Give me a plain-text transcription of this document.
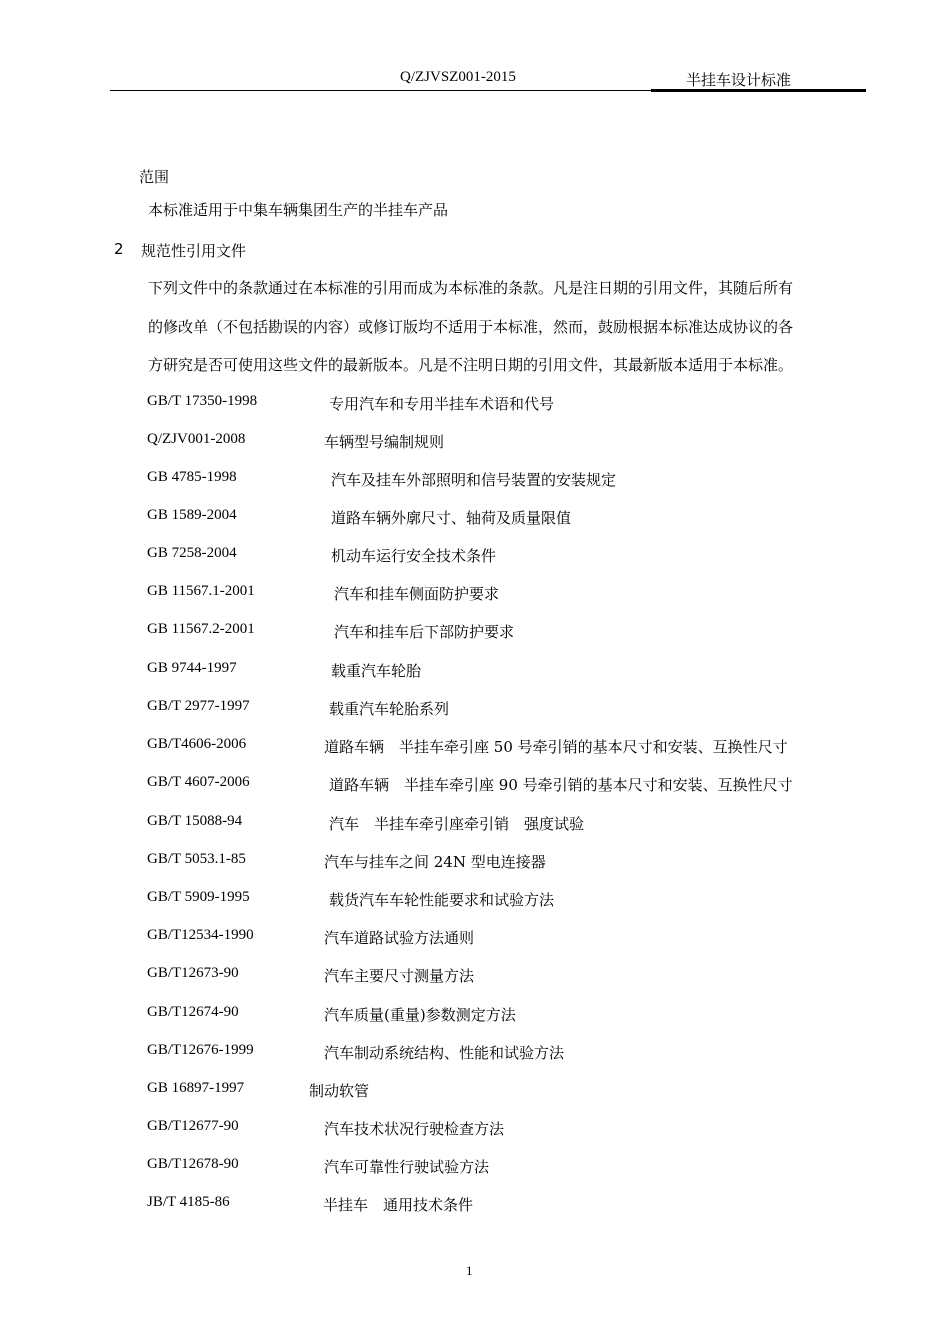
Q/ZJVSZ001-2015	半挂车设计标准
范围
本标准适用于中集车辆集团生产的半挂车产品
2 规范性引用文件
下列文件中的条款通过在本标准的引用而成为本标准的条款。凡是注日期的引用文件，其随后所有
的修改单（不包括勘误的内容）或修订版均不适用于本标准，然而，鼓励根据本标准达成协议的各
方研究是否可使用这些文件的最新版本。凡是不注明日期的引用文件，其最新版本适用于本标准。
GB/T 17350-1998	专用汽车和专用半挂车术语和代号
Q/ZJV001-2008	车辆型号编制规则
GB 4785-1998	汽车及挂车外部照明和信号装置的安装规定
GB 1589-2004	道路车辆外廓尺寸、轴荷及质量限值
GB 7258-2004	机动车运行安全技术条件
GB 11567.1-2001	汽车和挂车侧面防护要求
GB 11567.2-2001	汽车和挂车后下部防护要求
GB 9744-1997	载重汽车轮胎
GB/T 2977-1997	载重汽车轮胎系列
GB/T4606-2006	道路车辆　半挂车牵引座 50 号牵引销的基本尺寸和安装、互换性尺寸
GB/T 4607-2006	道路车辆　半挂车牵引座 90 号牵引销的基本尺寸和安装、互换性尺寸
GB/T 15088-94	汽车　半挂车牵引座牵引销　强度试验
GB/T 5053.1-85	汽车与挂车之间 24N 型电连接器
GB/T 5909-1995	载货汽车车轮性能要求和试验方法
GB/T12534-1990	汽车道路试验方法通则
GB/T12673-90	汽车主要尺寸测量方法
GB/T12674-90	汽车质量(重量)参数测定方法
GB/T12676-1999	汽车制动系统结构、性能和试验方法
GB 16897-1997	制动软管
GB/T12677-90	汽车技术状况行驶检查方法
GB/T12678-90	汽车可靠性行驶试验方法
JB/T 4185-86	半挂车　通用技术条件
1
